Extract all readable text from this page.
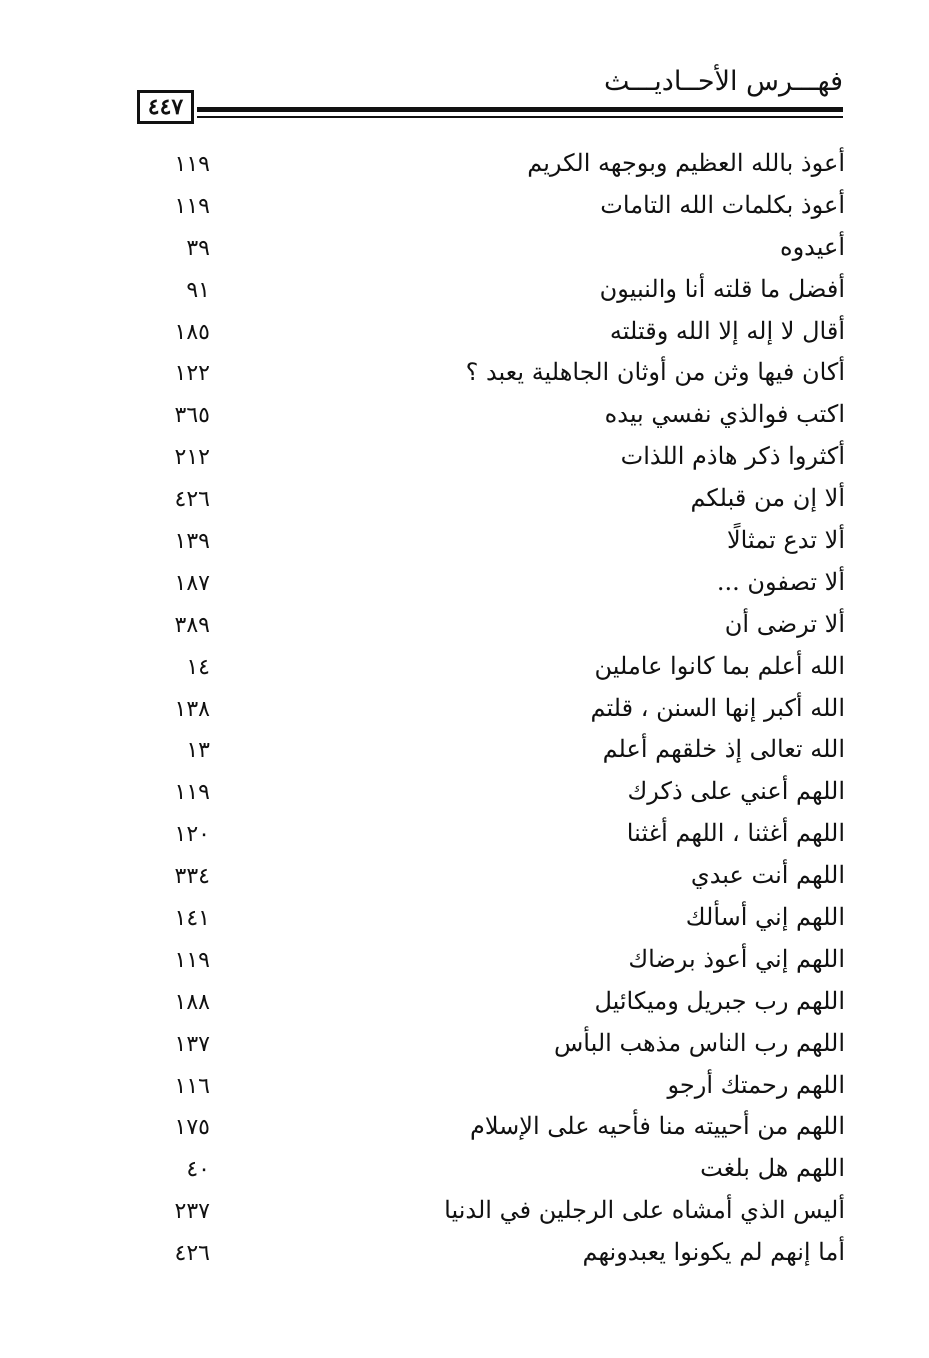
فهـــرس الأحــاديـــث
٤٤٧
أعوذ بالله العظيم وبوجهه الكريم
١١٩
أعوذ بكلمات الله التامات
١١٩
أعيدوه
٣٩
أفضل ما قلته أنا والنبيون
٩١
أقال لا إله إلا الله وقتلته
١٨٥
أكان فيها وثن من أوثان الجاهلية يعبد ؟
١٢٢
اكتب فوالذي نفسي بيده
٣٦٥
أكثروا ذكر هاذم اللذات
٢١٢
ألا إن من قبلكم
٤٢٦
ألا تدع تمثالًا
١٣٩
ألا تصفون ...
١٨٧
ألا ترضى أن
٣٨٩
الله أعلم بما كانوا عاملين
١٤
الله أكبر إنها السنن ، قلتم
١٣٨
الله تعالى إذ خلقهم أعلم
١٣
اللهم أعني على ذكرك
١١٩
اللهم أغثنا ، اللهم أغثنا
١٢٠
اللهم أنت عبدي
٣٣٤
اللهم إني أسألك
١٤١
اللهم إني أعوذ برضاك
١١٩
اللهم رب جبريل وميكائيل
١٨٨
اللهم رب الناس مذهب البأس
١٣٧
اللهم رحمتك أرجو
١١٦
اللهم من أحييته منا فأحيه على الإسلام
١٧٥
اللهم هل بلغت
٤٠
أليس الذي أمشاه على الرجلين في الدنيا
٢٣٧
أما إنهم لم يكونوا يعبدونهم
٤٢٦
